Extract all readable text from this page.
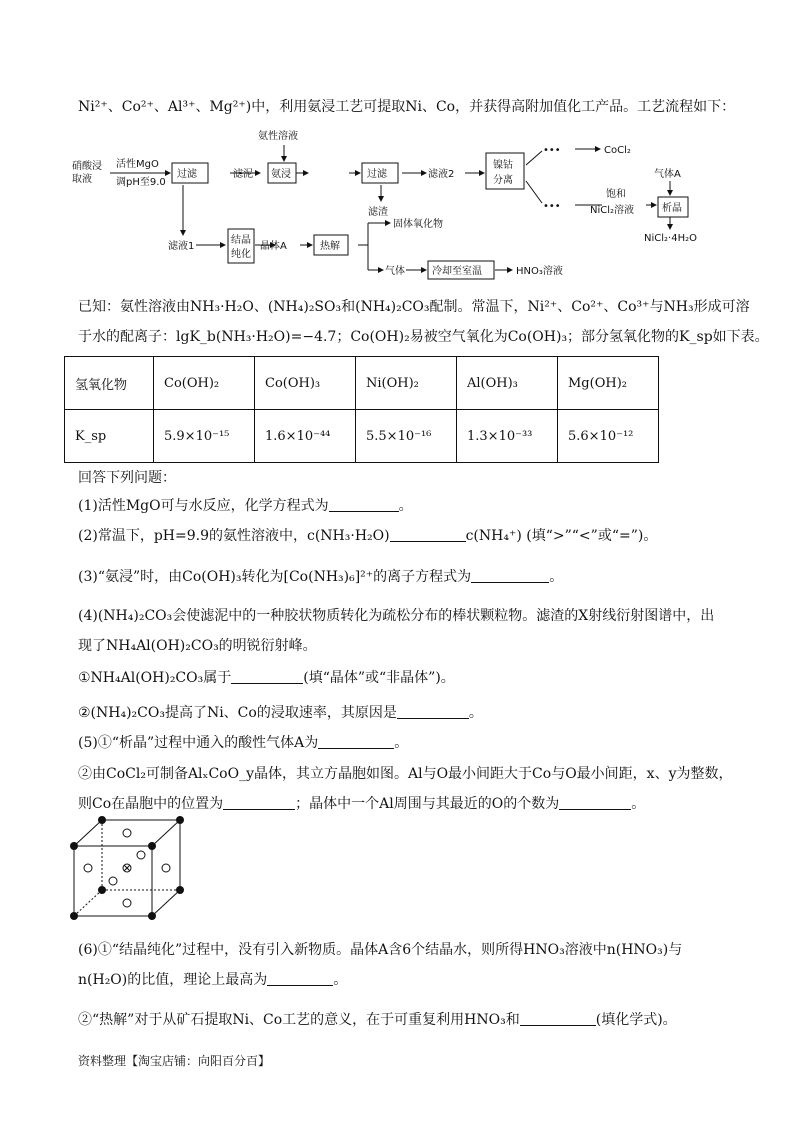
Ni²⁺、Co²⁺、Al³⁺、Mg²⁺)中，利用氨浸工艺可提取Ni、Co，并获得高附加值化工产品。工艺流程如下：
硝酸浸
取液
活性MgO
调pH至9.0
过滤	滤泥
氨性溶液
氨浸	过滤
滤渣
滤液2
镍钴
分离
•••	CoCl₂
饱和
•••	NiCl₂溶液
气体A
析晶
NiCl₂·4H₂O
滤液1
结晶
纯化
晶体A	热解
固体氧化物
气体	冷却至室温	HNO₃溶液
已知：氨性溶液由NH₃·H₂O、(NH₄)₂SO₃和(NH₄)₂CO₃配制。常温下，Ni²⁺、Co²⁺、Co³⁺与NH₃形成可溶
于水的配离子：lgK_b(NH₃·H₂O)=−4.7；Co(OH)₂易被空气氧化为Co(OH)₃；部分氢氧化物的K_sp如下表。
氢氧化物	Co(OH)₂	Co(OH)₃	Ni(OH)₂	Al(OH)₃	Mg(OH)₂
K_sp	5.9×10⁻¹⁵	1.6×10⁻⁴⁴	5.5×10⁻¹⁶	1.3×10⁻³³	5.6×10⁻¹²
回答下列问题：
(1)活性MgO可与水反应，化学方程式为	。
(2)常温下，pH=9.9的氨性溶液中，c(NH₃·H₂O)	c(NH₄⁺) (填“>”“<”或“=”)。
(3)“氨浸”时，由Co(OH)₃转化为[Co(NH₃)₆]²⁺的离子方程式为	。
(4)(NH₄)₂CO₃会使滤泥中的一种胶状物质转化为疏松分布的棒状颗粒物。滤渣的X射线衍射图谱中，出
现了NH₄Al(OH)₂CO₃的明锐衍射峰。
①NH₄Al(OH)₂CO₃属于	(填“晶体”或“非晶体”)。
②(NH₄)₂CO₃提高了Ni、Co的浸取速率，其原因是	。
(5)①“析晶”过程中通入的酸性气体A为	。
②由CoCl₂可制备AlₓCoO_y晶体，其立方晶胞如图。Al与O最小间距大于Co与O最小间距，x、y为整数，
则Co在晶胞中的位置为	；晶体中一个Al周围与其最近的O的个数为	。
(6)①“结晶纯化”过程中，没有引入新物质。晶体A含6个结晶水，则所得HNO₃溶液中n(HNO₃)与
n(H₂O)的比值，理论上最高为	。
②“热解”对于从矿石提取Ni、Co工艺的意义，在于可重复利用HNO₃和	(填化学式)。
资料整理【淘宝店铺：向阳百分百】
